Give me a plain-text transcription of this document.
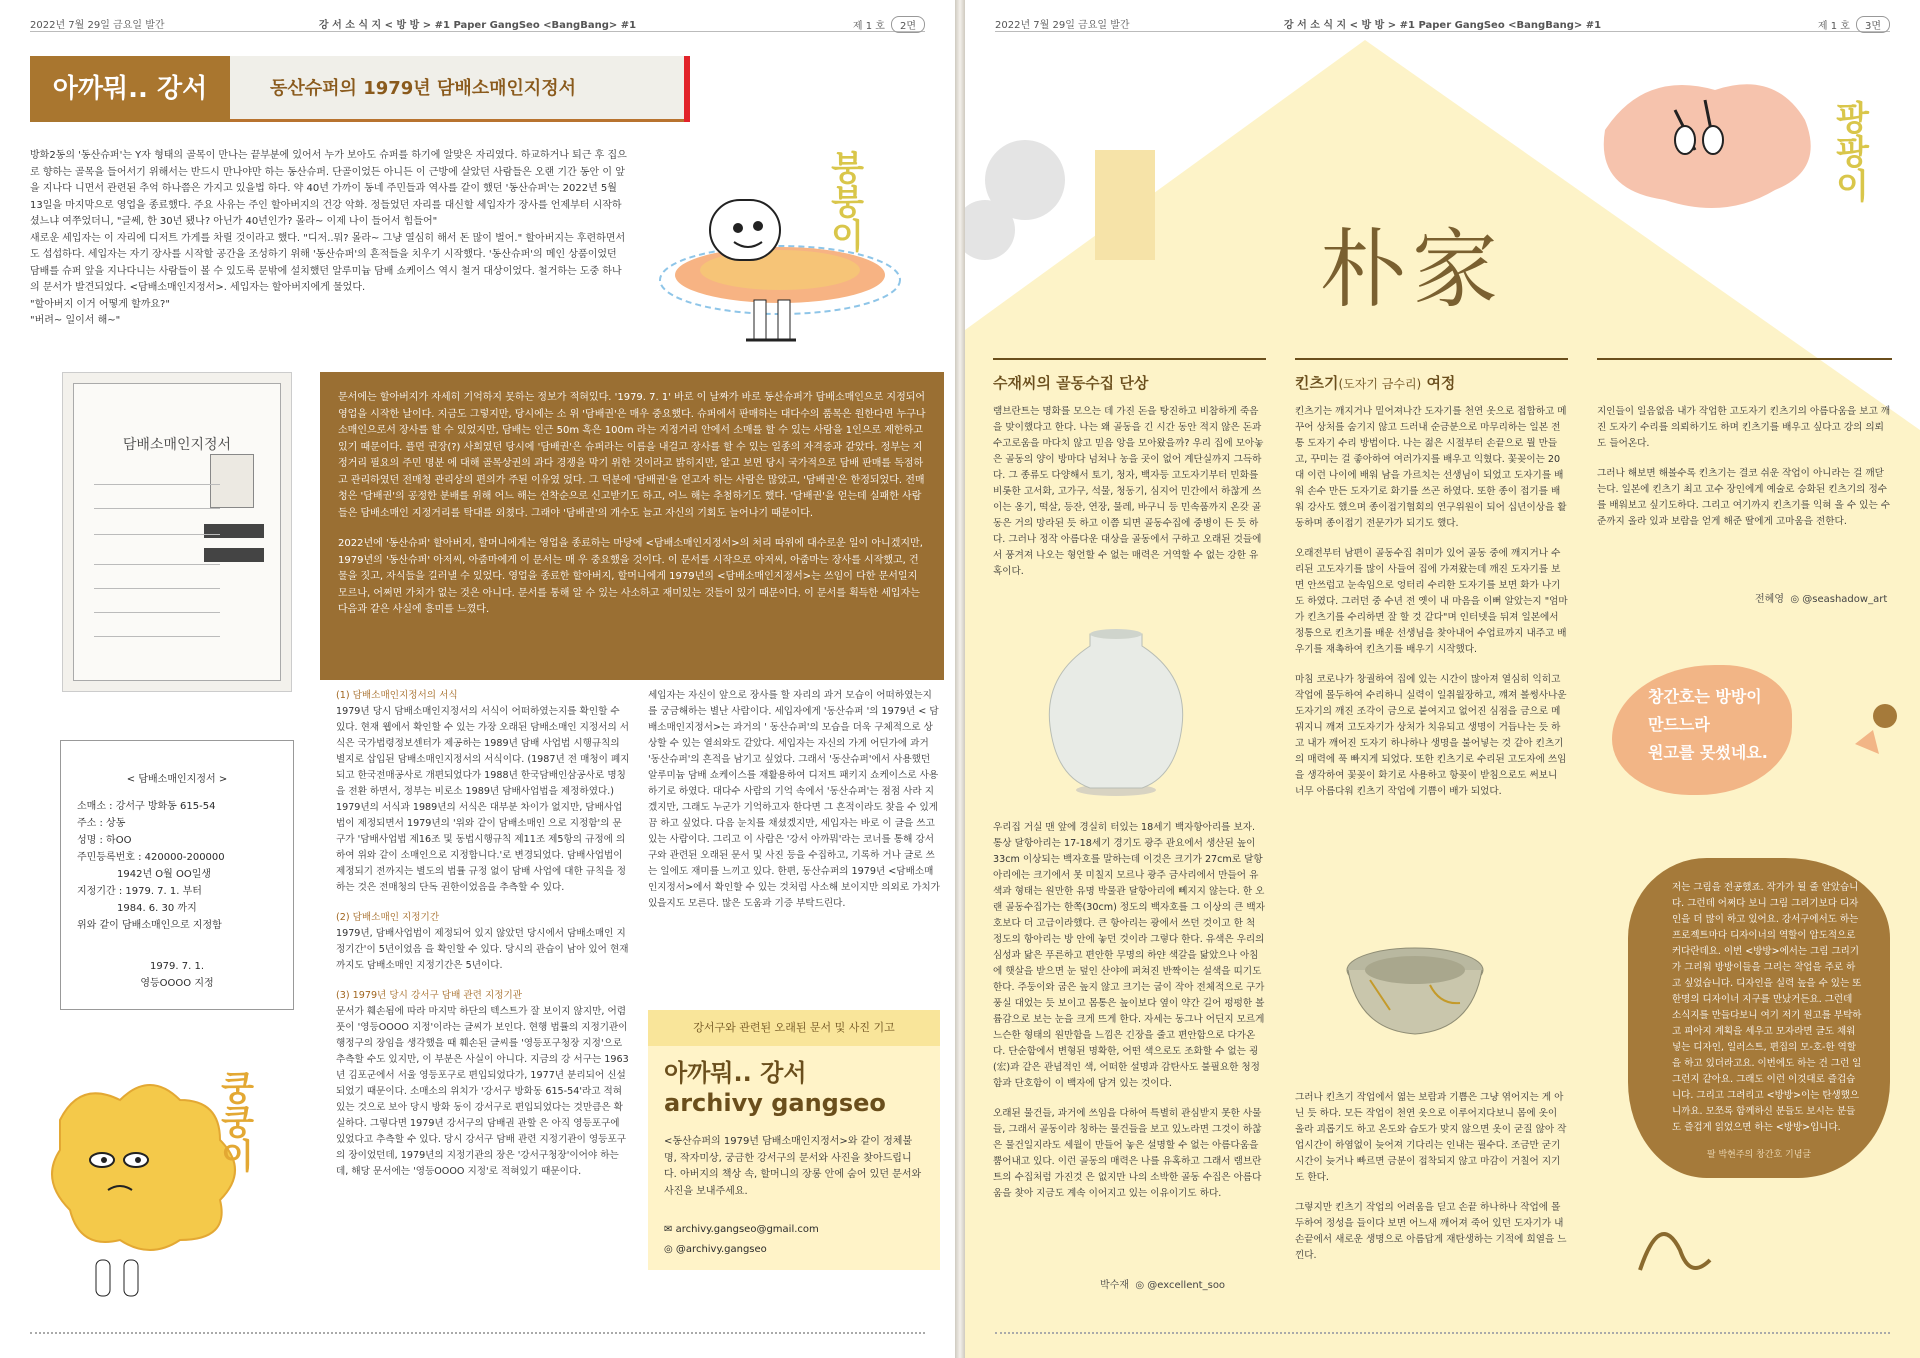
2022년 7월 29일 금요일 발간	강 서 소 식 지 < 방 방 > #1 Paper GangSeo <BangBang> #1	제 1 호 2면
아까뭐.. 강서	동산슈퍼의 1979년 담배소매인지정서

방화2동의 '동산슈퍼'는 Y자 형태의 골목이 만나는 끝부분에 있어서 누가 보아도 슈퍼를 하기에 알맞은 자리였다. 하교하거나 퇴근 후 집으로 향하는 골목을 들어서기 위해서는 반드시 만나야만 하는 동산슈퍼. 단골이었든 아니든 이 근방에 살았던 사람들은 오랜 기간 동안 이 앞을 지나다 니면서 관련된 추억 하나쯤은 가지고 있을법 하다. 약 40년 가까이 동네 주민들과 역사를 같이 했던 '동산슈퍼'는 2022년 5월 13일을 마지막으로 영업을 종료했다. 주요 사유는 주인 할아버지의 건강 악화. 정들었던 자리를 대신할 세입자가 장사를 언제부터 시작하셨느냐 여쭈었더니, "글쎄, 한 30년 됐나? 아닌가 40년인가? 몰라~ 이제 나이 들어서 힘들어"

새로운 세입자는 이 자리에 디저트 가게를 차릴 것이라고 했다. "디저..뭐? 몰라~ 그냥 열심히 해서 돈 많이 벌어." 할아버지는 후련하면서도 섭섭하다. 세입자는 자기 장사를 시작할 공간을 조성하기 위해 '동산슈퍼'의 흔적들을 치우기 시작했다. '동산슈퍼'의 메인 상품이었던 담배를 슈퍼 앞을 지나다니는 사람들이 볼 수 있도록 문밖에 설치했던 알루미늄 담배 쇼케이스 역시 철거 대상이었다. 철거하는 도중 하나의 문서가 발견되었다. <담배소매인지정서>. 세입자는 할아버지에게 물었다.

"할아버지 이거 어떻게 할까요?"

"버려~ 일이서 해~"

붕붕이
담배소매인지정서

문서에는 할아버지가 자세히 기억하지 못하는 정보가 적혀있다. '1979. 7. 1' 바로 이 날짜가 바로 동산슈퍼가 담배소매인으로 지정되어 영업을 시작한 날이다. 지금도 그렇지만, 당시에는 소 위 '담배권'은 매우 중요했다. 슈퍼에서 판매하는 대다수의 품목은 원한다면 누구나 소매인으로서 장사를 할 수 있었지만, 담배는 인근 50m 혹은 100m 라는 지정거리 안에서 소매를 할 수 있는 사람을 1인으로 제한하고 있기 때문이다. 플면 권장(?) 사회였던 당시에 '담배권'은 슈퍼라는 이름을 내걸고 장사를 할 수 있는 일종의 자격증과 같았다. 정부는 지정거리 필요의 주민 명분 에 대해 골목상권의 과다 경쟁을 막기 위한 것이라고 밝히지만, 알고 보면 당시 국가적으로 담배 판매를 독점하고 관리하였던 전매청 관리상의 편의가 주된 이유였 었다. 그 덕분에 '담배권'을 얻고자 하는 사람은 많았고, '담배권'은 한정되었다. 전매청은 '담배권'의 공정한 분배를 위해 어느 해는 선착순으로 신고받기도 하고, 어느 해는 추첨하기도 했다. '담배권'을 얻는데 실패한 사람들은 담배소매인 지정거리를 탁대를 외쳤다. 그래야 '담배권'의 개수도 늘고 자신의 기회도 늘어나기 때문이다.

2022년에 '동산슈퍼' 할아버지, 할머니에게는 영업을 종료하는 마당에 <담배소매인지정서>의 처리 따위에 대수로운 일이 아니겠지만, 1979년의 '동산슈퍼' 아저씨, 아줌마에게 이 문서는 매 우 중요했을 것이다. 이 문서를 시작으로 아저씨, 아줌마는 장사를 시작했고, 건물을 짓고, 자식들을 길러낼 수 있었다. 영업을 종료한 할아버지, 할머니에게 1979년의 <담배소매인지정서>는 쓰임이 다한 문서일지 모르나, 어쩌면 가치가 없는 것은 아니다. 문서를 통해 알 수 있는 사소하고 재미있는 것들이 있기 때문이다. 이 문서를 획득한 세입자는 다음과 같은 사실에 흥미를 느꼈다.

< 담배소매인지정서 >
소매소 : 강서구 방화동 615-54
주소 : 상동
성명 : 하OO
주민등록번호 : 420000-200000
1942년 O월 OO일생
지정기간 : 1979. 7. 1. 부터
1984. 6. 30 까지
위와 같이 담배소매인으로 지정함
1979. 7. 1.
영등OOOO 지정

(1) 담배소매인지정서의 서식

1979년 당시 담배소매인지정서의 서식이 어떠하였는지를 확인할 수 있다. 현재 웹에서 확인할 수 있는 가장 오래된 담배소매인 지정서의 서식은 국가법령정보센터가 제공하는 1989년 담배 사업법 시행규칙의 별지로 삽입된 담배소매인지정서의 서식이다. (1987년 전 매청이 폐지되고 한국전매공사로 개편되었다가 1988년 한국담배인삼공사로 명칭을 전환 하면서, 정부는 비로소 1989년 담배사업법을 제정하였다.) 1979년의 서식과 1989년의 서식은 대부분 차이가 없지만, 담배사업법이 제정되면서 1979년의 '위와 같이 담배소매인 으로 지정함'의 문구가 '담배사업법 제16조 및 동법시행규칙 제11조 제5항의 규정에 의하여 위와 같이 소매인으로 지정합니다.'로 변경되었다. 담배사업법이 제정되기 전까지는 별도의 법률 규정 없이 담배 사업에 대한 규칙을 정하는 것은 전매청의 단독 권한이었음을 추측할 수 있다.

(2) 담배소매인 지정기간

1979년, 담배사업법이 제정되어 있지 않았던 당시에서 담배소매인 지정기간'이 5년이었음 을 확인할 수 있다. 당시의 관습이 남아 있어 현재까지도 담배소매인 지정기간은 5년이다.

(3) 1979년 당시 강서구 담배 관련 지정기관

문서가 훼손됨에 따라 마지막 하단의 텍스트가 잘 보이지 않지만, 어렴풋이 '영등OOOO 지정'이라는 글씨가 보인다. 현행 법률의 지정기관이 행정구의 장임을 생각했을 때 훼손된 글씨를 '영등포구청장 지정'으로 추측할 수도 있지만, 이 부분은 사실이 아니다. 지금의 강 서구는 1963년 김포군에서 서울 영등포구로 편입되었다가, 1977년 분리되어 신설되었기 때문이다. 소매소의 위치가 '강서구 방화동 615-54'라고 적혀있는 것으로 보아 당시 방화 동이 강서구로 편입되었다는 것만큼은 확실하다. 그렇다면 1979년 강서구의 담배권 관할 은 아직 영등포구에 있었다고 추측할 수 있다. 당시 강서구 담배 관련 지정기관이 영등포구 의 장이었던데, 1979년의 지정기관의 장은 '강서구청장'이어야 하는데, 해당 문서에는 '영등OOOO 지정'로 적혀있기 때문이다.

세입자는 자신이 앞으로 장사를 할 자리의 과거 모습이 어떠하였는지를 궁금해하는 별난 사람이다. 세입자에게 '동산슈퍼 '의 1979년 < 담배소매인지정서>는 과거의 ' 동산슈퍼'의 모습을 더욱 구체적으로 상상할 수 있는 열쇠와도 같았다. 세입자는 자신의 가게 어딘가에 과거 '동산슈퍼'의 흔적을 남기고 싶었다. 그래서 '동산슈퍼'에서 사용했던 알루미늄 담배 쇼케이스를 재활용하여 디저트 패키지 쇼케이스로 사용하기로 하였다. 대다수 사람의 기억 속에서 '동산슈퍼'는 점점 사라 지겠지만, 그래도 누군가 기억하고자 한다면 그 흔적이라도 찾을 수 있게끔 하고 싶었다. 다음 눈치를 채셨겠지만, 세입자는 바로 이 글을 쓰고 있는 사람이다. 그리고 이 사람은 '강서 아까뭐'라는 코너를 통해 강서구와 관련된 오래된 문서 및 사진 등을 수집하고, 기록하 거나 글로 쓰는 일에도 재미를 느끼고 있다. 한편, 동산슈퍼의 1979년 <담배소매인지정서>에서 확인할 수 있는 것처럼 사소해 보이지만 의외로 가치가 있을지도 모른다. 많은 도움과 기증 부탁드린다.

강서구와 관련된 오래된 문서 및 사진 기고
아까뭐.. 강서
archivy gangseo
<동산슈퍼의 1979년 담배소매인지정서>와 같이 정체불명, 작자미상, 궁금한 강서구의 문서와 사진을 찾아드립니다. 아버지의 책상 속, 할머니의 장롱 안에 숨어 있던 문서와 사진을 보내주세요.
✉ archivy.gangseo@gmail.com
◎ @archivy.gangseo
쿵쿵이
2022년 7월 29일 금요일 발간	강 서 소 식 지 < 방 방 > #1 Paper GangSeo <BangBang> #1	제 1 호 3면
팡팡이
朴家
수재씨의 골동수집 단상	킨츠기(도자기 금수리) 여정

램브란트는 명화를 모으는 데 가진 돈을 탕진하고 비참하게 죽음을 맞이했다고 한다. 나는 왜 골동을 긴 시간 동안 적지 않은 돈과 수고로움을 마다치 않고 믿음 앙을 모아왔을까? 우리 집에 모아놓은 골동의 양이 방마다 넘쳐나 농을 곳이 없어 계단실까지 그득하다. 그 종류도 다양해서 토기, 청자, 백자등 고도자기부터 민화를 비롯한 고서화, 고가구, 석물, 청동기, 심지어 민간에서 하찮게 쓰이는 옹기, 떡살, 등잔, 연장, 물레, 바구니 등 민속품까지 온갖 골동은 거의 망라된 듯 하고 이쯤 되면 골동수집에 중병이 든 듯 하다. 그러나 정작 아름다운 대상을 골동에서 구하고 오래된 것들에서 풍겨져 나오는 형언할 수 없는 매력은 거역할 수 없는 강한 유혹이다.

우리집 거실 맨 앞에 경실히 터있는 18세기 백자항아리를 보자. 통상 달항아리는 17-18세기 경기도 광주 관요에서 생산된 높이 33cm 이상되는 백자호를 말하는데 이것은 크기가 27cm로 달항아리에는 크기에서 못 미칠지 모르나 광주 금사리에서 만들어 유색과 형태는 원만한 유명 박물관 달항아리에 뻬지지 않는다. 한 오랜 골동수집가는 한쪽(30cm) 정도의 백자호를 그 이상의 큰 백자호보다 더 고급이라했다. 큰 항아리는 광에서 쓰던 것이고 한 척 정도의 항아리는 방 안에 놓던 것이라 그렇다 한다. 유색은 우리의 심성과 닮은 푸른하고 편안한 무명의 하얀 색갈을 닮았으나 아침에 햇살을 받으면 눈 덮인 산야에 퍼쳐진 반짝이는 설색을 띠기도 한다. 주둥이와 굽은 높지 않고 크기는 굽이 작아 전체적으로 구가 풍실 대었는 듯 보이고 몸통은 높이보다 옆이 약간 길어 펑펑한 볼륨감으로 보는 눈을 크게 뜨게 한다. 자세는 동그나 어딘지 모르게 느슨한 형태의 원만함을 느낌은 긴장을 줄고 편안함으로 다가온다. 단순함에서 변형된 명확한, 어떤 색으로도 조화할 수 없는 굉(宏)과 같은 관념적인 색, 어떠한 설명과 감탄사도 불필요한 청정함과 단호함이 이 백자에 담겨 있는 것이다.

오래된 물건들, 과거에 쓰임을 다하여 특별히 관심받지 못한 사물들, 그래서 골동이라 칭하는 물건들을 보고 있노라면 그것이 하찮은 물건일지라도 세월이 만들어 놓은 설명할 수 없는 아름다움을 뿜어내고 있다. 이런 골동의 매력은 나를 유혹하고 그래서 램브란트의 수집처럼 가진것 은 없지만 나의 소박한 골동 수집은 아름다움을 찾아 지금도 계속 이어지고 있는 이유이기도 하다.

박수재 ◎ @excellent_soo

킨츠기는 깨지거나 밑어져나간 도자기를 천연 옷으로 접합하고 메꾸어 상처를 숨기지 않고 드러내 순금분으로 마무리하는 일본 전통 도자기 수리 방법이다. 나는 젊은 시절부터 손끝으로 뭘 만들고, 꾸미는 걸 좋아하여 여러가지를 배우고 익혔다. 꽃꽂이는 20대 이런 나이에 배워 남을 가르치는 선생님이 되었고 도자기를 배워 손수 만든 도자기로 화기를 쓰곤 하였다. 또한 종이 접기를 배워 강사도 했으며 종이접기협회의 연구위원이 되어 십년이상을 활동하며 종이접기 전문가가 되기도 했다.

오래전부터 남편이 골동수집 취미가 있어 골동 중에 깨지거나 수리된 고도자기를 많이 사들여 집에 가져왔는데 깨진 도자기를 보면 안쓰럽고 눈속임으로 엉터리 수리한 도자기를 보면 화가 나기도 하였다. 그러던 중 수년 전 옛이 내 마음을 이뻐 알았는지 "엄마가 킨츠기를 수리하면 잘 할 것 같다"며 인터넷을 뒤져 일본에서 정통으로 킨츠기를 배운 선생님을 찾아내어 수업료까지 내주고 배우기를 재촉하여 킨츠기를 배우기 시작했다.

마침 코로나가 창궐하여 집에 있는 시간이 많아져 열심히 익히고 작업에 몰두하여 수리하니 실력이 일취월장하고, 꺠져 볼썽사나운 도자기의 깨진 조각이 금으로 붙여지고 없어진 심점을 금으로 메꿔지니 깨져 고도자기가 상처가 치유되고 생명이 거듭나는 듯 하고 내가 깨어진 도자기 하나하나 생명을 불어넣는 것 같아 킨츠기의 매력에 푹 빠지게 되었다. 또한 킨츠기로 수리된 고도자에 쓰임을 생각하여 꽃꽂이 화기로 사용하고 항꽂이 받침으로도 써보니 너무 아름다워 킨츠기 작업에 기쁨이 배가 되었다.

그러나 킨츠기 작업에서 엷는 보람과 기쁨은 그냥 엮어지는 게 아닌 듯 하다. 모든 작업이 천연 옷으로 이루어지다보니 몸에 옷이 올라 괴롭기도 하고 온도와 습도가 맞지 않으면 옷이 굳질 않아 작업시간이 하염없이 늦어져 기다리는 인내는 필수다. 조금만 굳기 시간이 늦거나 빠르면 금분이 접착되지 않고 마감이 거칠어 지기도 한다.

그렇지만 킨츠기 작업의 어려움을 딛고 손끝 하나하나 작업에 몰두하여 정성을 들이다 보면 어느새 깨어져 죽어 있던 도자기가 내 손끝에서 새로운 생명으로 아름답게 재탄생하는 기적에 희열을 느낀다.

지인들이 일음없음 내가 작업한 고도자기 킨츠기의 아름다움을 보고 깨진 도자기 수리를 의뢰하기도 하며 킨츠기를 배우고 싶다고 강의 의뢰도 들어온다.

그러나 해보면 해볼수록 킨츠기는 결코 쉬운 작업이 아니라는 걸 깨닫는다. 일본에 킨츠기 최고 고수 장인에게 예술로 승화된 킨츠기의 정수를 배워보고 싶기도하다. 그리고 여기까지 킨츠기를 익혀 올 수 있는 수준까지 올라 있과 보람을 얻게 해준 딸에게 고마움을 전한다.

전혜영 ◎ @seashadow_art
창간호는 방방이
만드느라
원고를 못썼네요.
저는 그림을 전공했죠. 작가가 될 줄 알았습니다. 그런데 어쩌다 보니 그림 그리기보다 디자인을 더 많이 하고 있어요. 강서구에서도 하는 프로젝트마다 디자이너의 역할이 압도적으로 커다란데요. 이번 <방방>에서는 그림 그리기가 그리워 방방이들을 그리는 작업을 주로 하고 싶었습니다. 디자인을 실력 높을 수 있는 또 한명의 디자이너 지구를 만났거든요. 그런데 소식지를 만들다보니 여기 저기 원고를 부탁하고 피아지 계획을 세우고 모자라면 글도 채워 넣는 디자인, 일러스트, 편집의 모-호-한 역할을 하고 있더라고요. 이번에도 하는 건 그런 일 그런지 같아요. 그래도 이런 이것대로 즐겁습니다. 그리고 그려리고 <방방>이는 탄생했으니까요. 모쪼록 함께하신 분들도 보시는 분들도 즐겁게 읽었으면 하는 <방방>입니다.
팔 박현주의 창간호 기념글
